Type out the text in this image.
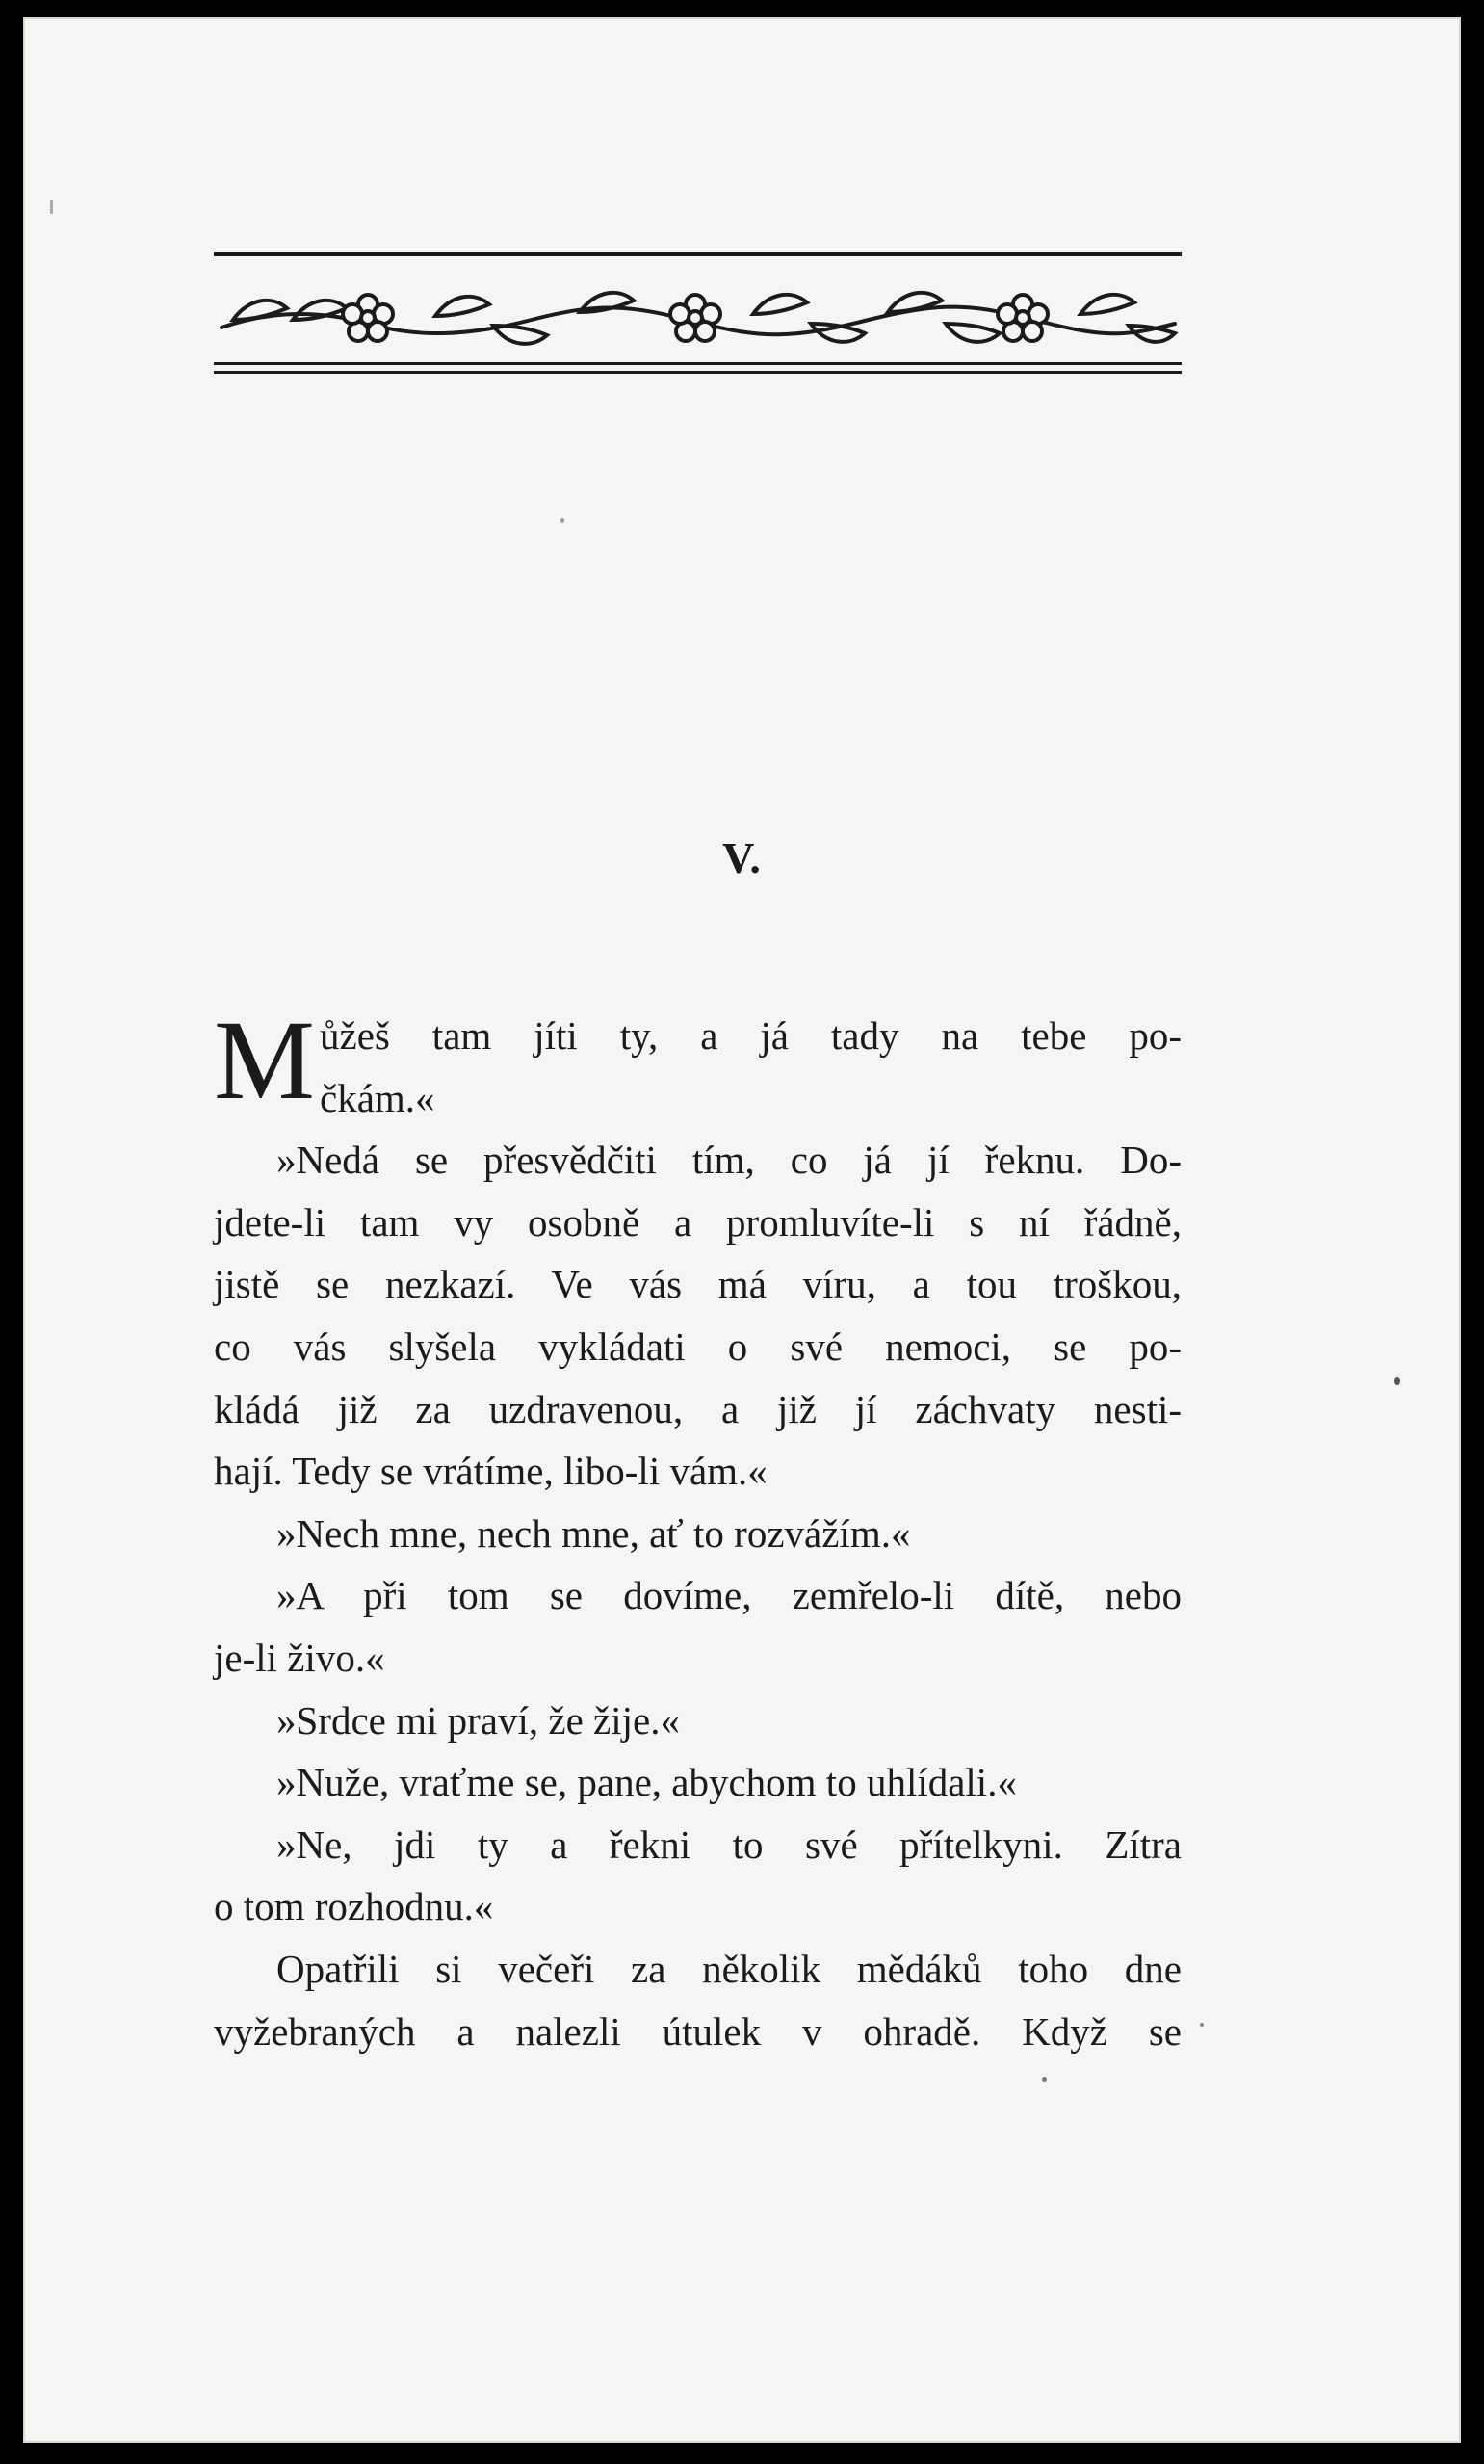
V.
M ůžeš tam jíti ty, a já tady na tebe po-
čkám.«
»Nedá se přesvědčiti tím, co já jí řeknu. Do-
jdete-li tam vy osobně a promluvíte-li s ní řádně,
jistě se nezkazí. Ve vás má víru, a tou troškou,
co vás slyšela vykládati o své nemoci, se po-
kládá již za uzdravenou, a již jí záchvaty nesti-
hají. Tedy se vrátíme, libo-li vám.«
»Nech mne, nech mne, ať to rozvážím.«
»A při tom se dovíme, zemřelo-li dítě, nebo
je-li živo.«
»Srdce mi praví, že žije.«
»Nuže, vraťme se, pane, abychom to uhlídali.«
»Ne, jdi ty a řekni to své přítelkyni. Zítra
o tom rozhodnu.«
Opatřili si večeři za několik mědáků toho dne
vyžebraných a nalezli útulek v ohradě. Když se
